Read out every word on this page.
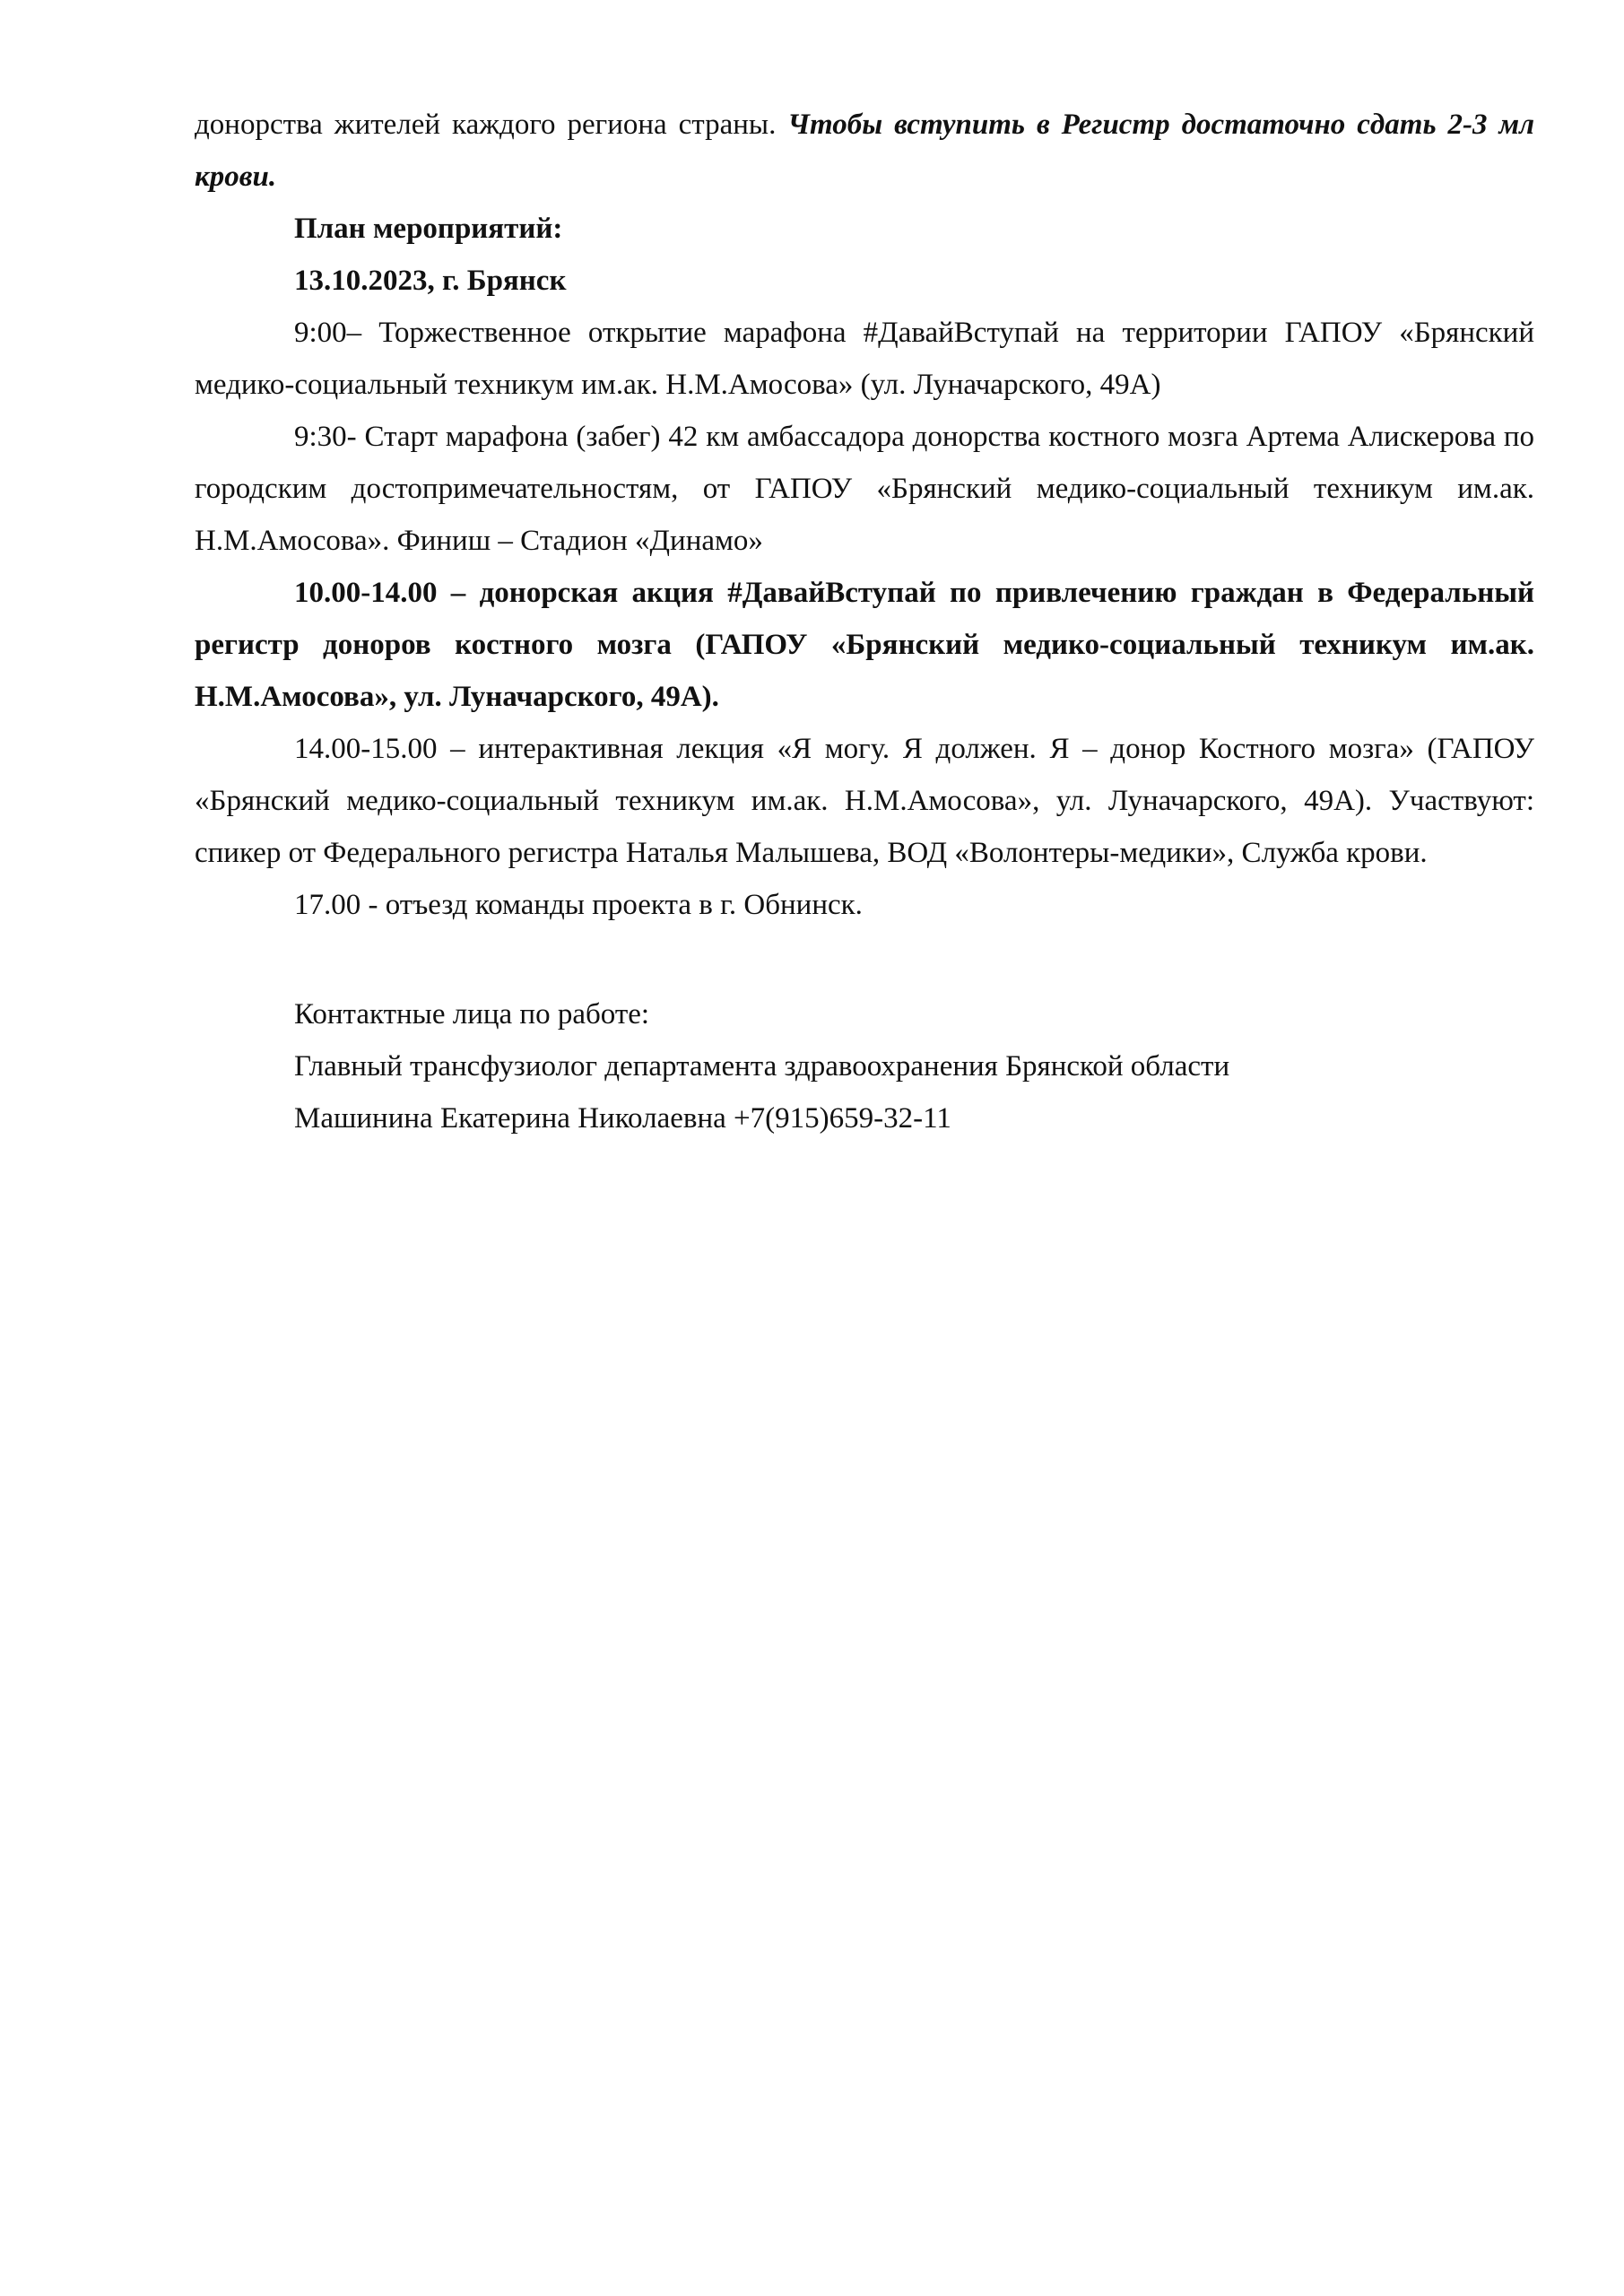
донорства жителей каждого региона страны. Чтобы вступить в Регистр достаточно сдать 2-3 мл крови.

План мероприятий:

13.10.2023, г. Брянск

9:00– Торжественное открытие марафона #ДавайВступай на территории ГАПОУ «Брянский медико-социальный техникум им.ак. Н.М.Амосова» (ул. Луначарского, 49А)

9:30- Старт марафона (забег) 42 км амбассадора донорства костного мозга Артема Алискерова по городским достопримечательностям, от ГАПОУ «Брянский медико-социальный техникум им.ак. Н.М.Амосова». Финиш – Стадион «Динамо»

10.00-14.00 – донорская акция #ДавайВступай по привлечению граждан в Федеральный регистр доноров костного мозга (ГАПОУ «Брянский медико-социальный техникум им.ак. Н.М.Амосова», ул. Луначарского, 49А).

14.00-15.00 – интерактивная лекция «Я могу. Я должен. Я – донор Костного мозга» (ГАПОУ «Брянский медико-социальный техникум им.ак. Н.М.Амосова», ул. Луначарского, 49А). Участвуют: спикер от Федерального регистра Наталья Малышева, ВОД «Волонтеры-медики», Служба крови.

17.00 - отъезд команды проекта в г. Обнинск.

Контактные лица по работе:

Главный трансфузиолог департамента здравоохранения Брянской области

Машинина Екатерина Николаевна +7(915)659-32-11
